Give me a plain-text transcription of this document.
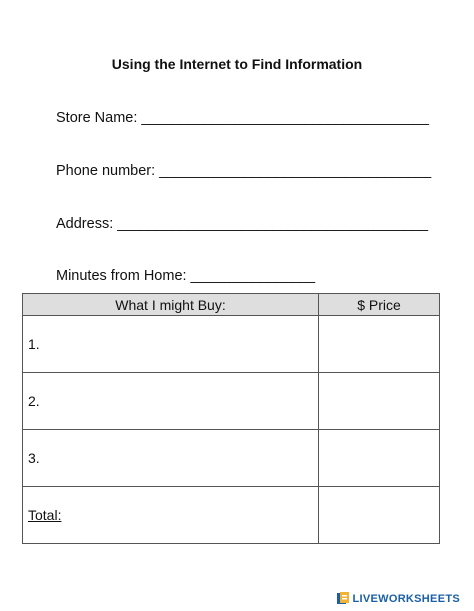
Using the Internet to Find Information
Store Name: _____________________________________
Phone number: ___________________________________
Address: ________________________________________
Minutes from Home: ________________
What I might Buy:	$ Price
1.	
2.	
3.	
Total:	
LIVEWORKSHEETS
